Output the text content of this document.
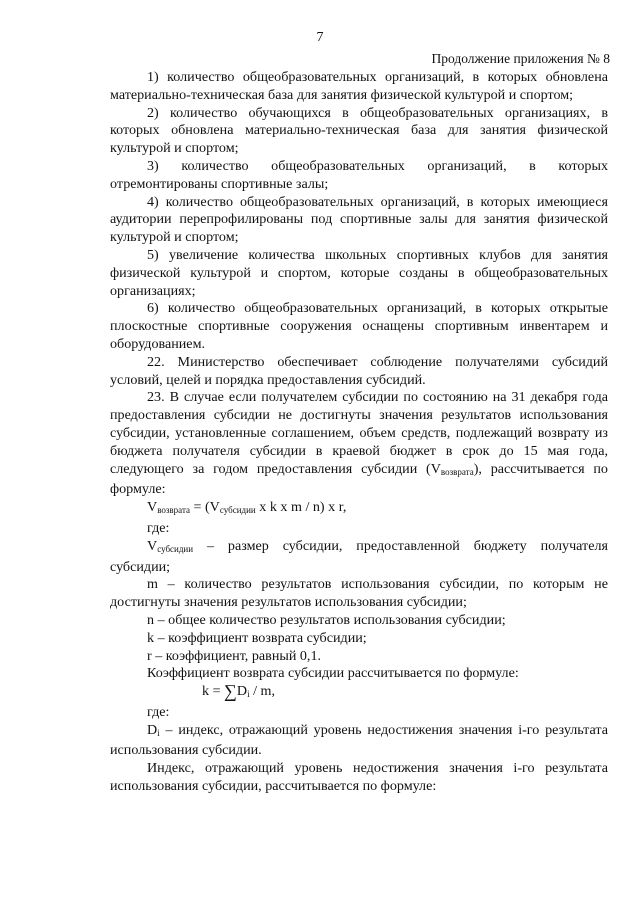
7
Продолжение приложения № 8

1) количество общеобразовательных организаций, в которых обновлена материально-техническая база для занятия физической культурой и спортом;

2) количество обучающихся в общеобразовательных организациях, в которых обновлена материально-техническая база для занятия физической культурой и спортом;

3) количество общеобразовательных организаций, в которых отремонтированы спортивные залы;

4) количество общеобразовательных организаций, в которых имеющиеся аудитории перепрофилированы под спортивные залы для занятия физической культурой и спортом;

5) увеличение количества школьных спортивных клубов для занятия физической культурой и спортом, которые созданы в общеобразовательных организациях;

6) количество общеобразовательных организаций, в которых открытые плоскостные спортивные сооружения оснащены спортивным инвентарем и оборудованием.

22. Министерство обеспечивает соблюдение получателями субсидий условий, целей и порядка предоставления субсидий.

23. В случае если получателем субсидии по состоянию на 31 декабря года предоставления субсидии не достигнуты значения результатов использования субсидии, установленные соглашением, объем средств, подлежащий возврату из бюджета получателя субсидии в краевой бюджет в срок до 15 мая года, следующего за годом предоставления субсидии $(V_{возврата})$, рассчитывается по формуле:

$V_{возврата} = (V_{субсидии}$ x k x m / n) x r,

где:

$V_{субсидии}$ – размер субсидии, предоставленной бюджету получателя субсидии;

m – количество результатов использования субсидии, по которым не достигнуты значения результатов использования субсидии;

n – общее количество результатов использования субсидии;

k – коэффициент возврата субсидии;

r – коэффициент, равный 0,1.

Коэффициент возврата субсидии рассчитывается по формуле:

$k = \sum D_i / m$,

где:

$D_i$ – индекс, отражающий уровень недостижения значения i-го результата использования субсидии.

Индекс, отражающий уровень недостижения значения i-го результата использования субсидии, рассчитывается по формуле:
